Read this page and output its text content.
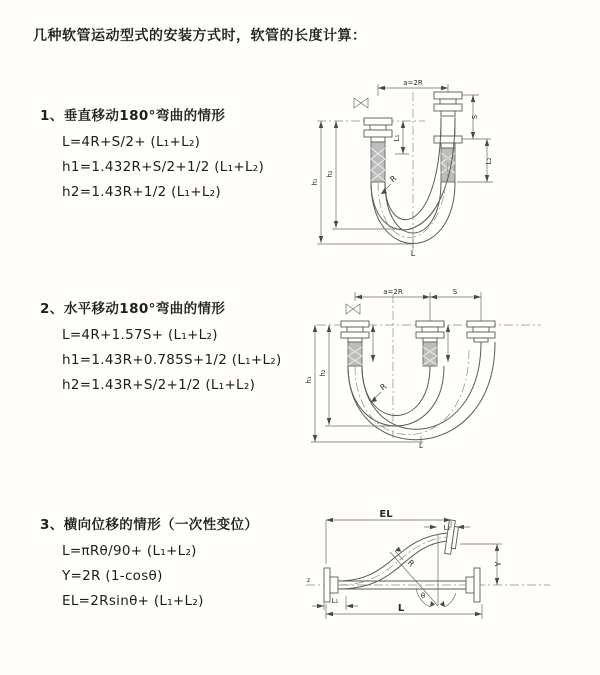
几种软管运动型式的安装方式时，软管的长度计算：
1、垂直移动180°弯曲的情形
L=4R+S/2+ (L₁+L₂)
h1=1.432R+S/2+1/2 (L₁+L₂)
h2=1.43R+1/2 (L₁+L₂)
a=2R
h₁
h₂
S
L₂
L₁
R
L
2、水平移动180°弯曲的情形
L=4R+1.57S+ (L₁+L₂)
h1=1.43R+0.785S+1/2 (L₁+L₂)
h2=1.43R+S/2+1/2 (L₁+L₂)
a=2R	S
h₁
h₂
R
L
3、横向位移的情形（一次性变位）
L=πRθ/90+ (L₁+L₂)
Y=2R (1-cosθ)
EL=2Rsinθ+ (L₁+L₂)
z
EL
L₂
Y
L
L₁
θ
R
